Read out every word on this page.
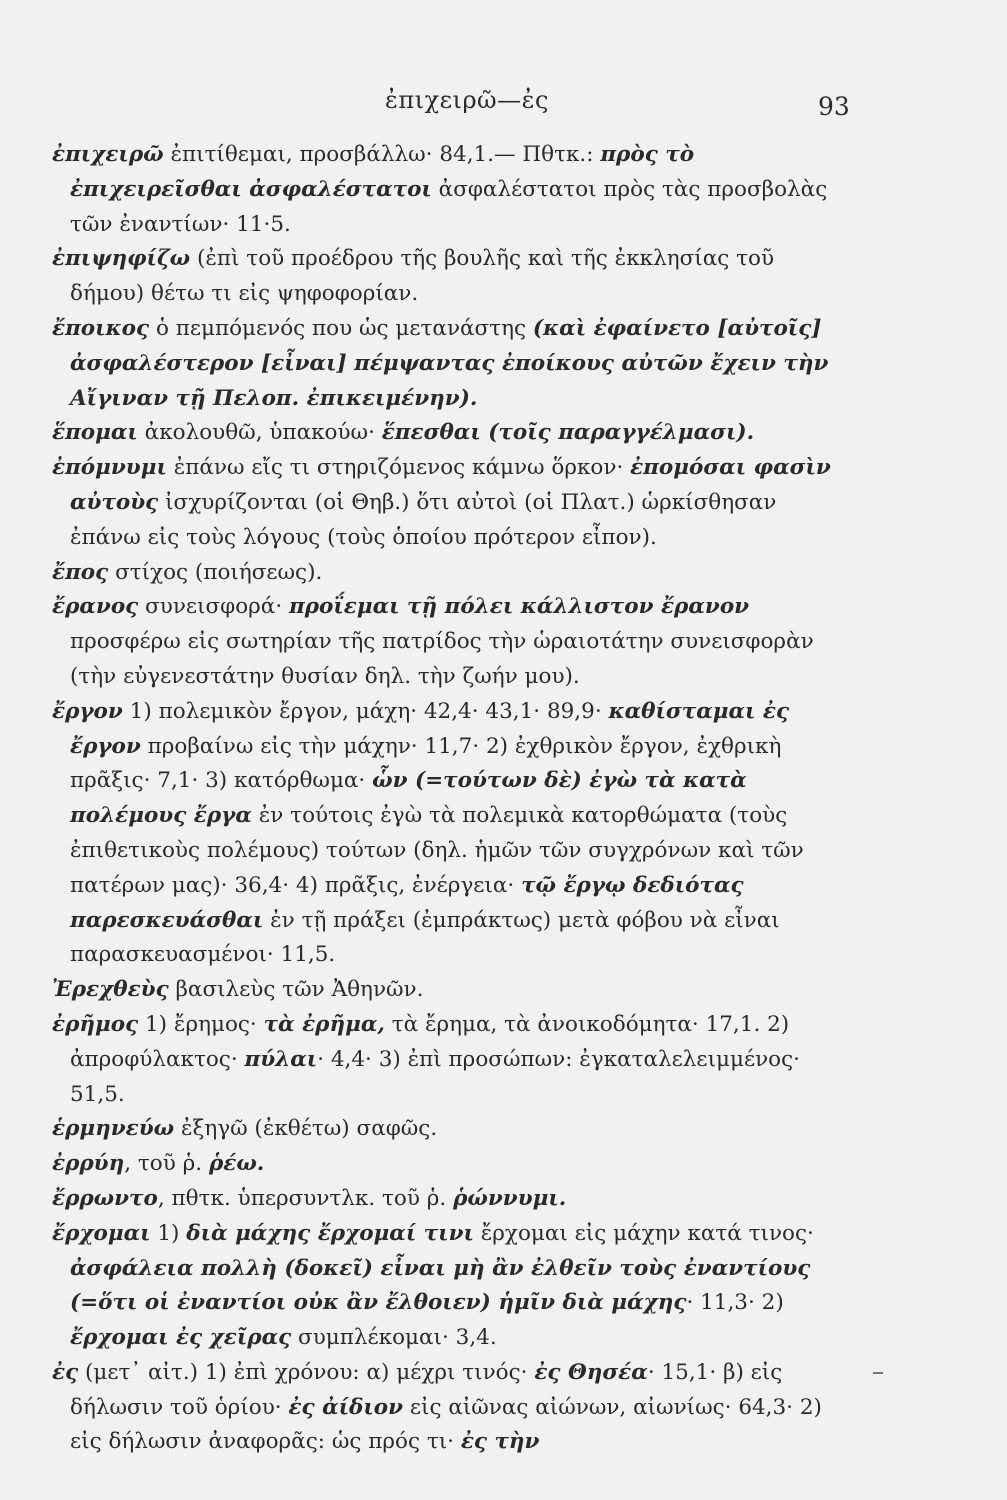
ἐπιχειρῶ—ἐς	93

ἐπιχειρῶ ἐπιτίθεμαι, προσβάλλω· 84,1.— Πθτκ.: πρὸς τὸ ἐπιχειρεῖσθαι ἀσφαλέστατοι ἀσφαλέστατοι πρὸς τὰς προσβολὰς τῶν ἐναντίων· 11·5.

ἐπιψηφίζω (ἐπὶ τοῦ προέδρου τῆς βουλῆς καὶ τῆς ἐκκλησίας τοῦ δήμου) θέτω τι εἰς ψηφοφορίαν.

ἔποικος ὁ πεμπόμενός που ὡς μετανάστης (καὶ ἐφαίνετο [αὐτοῖς] ἀσφαλέστερον [εἶναι] πέμψαντας ἐποίκους αὐτῶν ἔχειν τὴν Αἴγιναν τῇ Πελοπ. ἐπικειμένην).

ἕπομαι ἀκολουθῶ, ὑπακούω· ἕπεσθαι (τοῖς παραγγέλμασι).

ἐπόμνυμι ἐπάνω εἴς τι στηριζόμενος κάμνω ὅρκον· ἐπομόσαι φασὶν αὐτοὺς ἰσχυρίζονται (οἱ Θηβ.) ὅτι αὐτοὶ (οἱ Πλατ.) ὡρκίσθησαν ἐπάνω εἰς τοὺς λόγους (τοὺς ὁποίου πρότερον εἶπον).

ἔπος στίχος (ποιήσεως).

ἔρανος συνεισφορά· προΐεμαι τῇ πόλει κάλλιστον ἔρανον προσφέρω εἰς σωτηρίαν τῆς πατρίδος τὴν ὡραιοτάτην συνεισφορὰν (τὴν εὐγενεστάτην θυσίαν δηλ. τὴν ζωήν μου).

ἔργον 1) πολεμικὸν ἔργον, μάχη· 42,4· 43,1· 89,9· καθίσταμαι ἐς ἔργον προβαίνω εἰς τὴν μάχην· 11,7· 2) ἐχθρικὸν ἔργον, ἐχθρικὴ πρᾶξις· 7,1· 3) κατόρθωμα· ὧν (=τούτων δὲ) ἐγὼ τὰ κατὰ πολέμους ἔργα ἐν τούτοις ἐγὼ τὰ πολεμικὰ κατορθώματα (τοὺς ἐπιθετικοὺς πολέμους) τούτων (δηλ. ἡμῶν τῶν συγχρόνων καὶ τῶν πατέρων μας)· 36,4· 4) πρᾶξις, ἐνέργεια· τῷ ἔργῳ δεδιότας παρεσκευάσθαι ἐν τῇ πράξει (ἐμπράκτως) μετὰ φόβου νὰ εἶναι παρασκευασμένοι· 11,5.

Ἐρεχθεὺς βασιλεὺς τῶν Ἀθηνῶν.

ἐρῆμος 1) ἔρημος· τὰ ἐρῆμα, τὰ ἔρημα, τὰ ἀνοικοδόμητα· 17,1. 2) ἀπροφύλακτος· πύλαι· 4,4· 3) ἐπὶ προσώπων: ἐγκαταλελειμμένος· 51,5.

ἑρμηνεύω ἐξηγῶ (ἐκθέτω) σαφῶς.

ἐρρύη, τοῦ ῥ. ῥέω.

ἔρρωντο, πθτκ. ὑπερσυντλκ. τοῦ ῥ. ῥώννυμι.

ἔρχομαι 1) διὰ μάχης ἔρχομαί τινι ἔρχομαι εἰς μάχην κατά τινος· ἀσφάλεια πολλὴ (δοκεῖ) εἶναι μὴ ἂν ἐλθεῖν τοὺς ἐναντίους (=ὅτι οἱ ἐναντίοι οὐκ ἂν ἔλθοιεν) ἡμῖν διὰ μάχης· 11,3· 2) ἔρχομαι ἐς χεῖρας συμπλέκομαι· 3,4.

ἐς (μετ᾽ αἰτ.) 1) ἐπὶ χρόνου: α) μέχρι τινός· ἐς Θησέα· 15,1· β) εἰς δήλωσιν τοῦ ὁρίου· ἐς ἀίδιον εἰς αἰῶνας αἰώνων, αἰωνίως· 64,3· 2) εἰς δήλωσιν ἀναφορᾶς: ὡς πρός τι· ἐς τὴν
